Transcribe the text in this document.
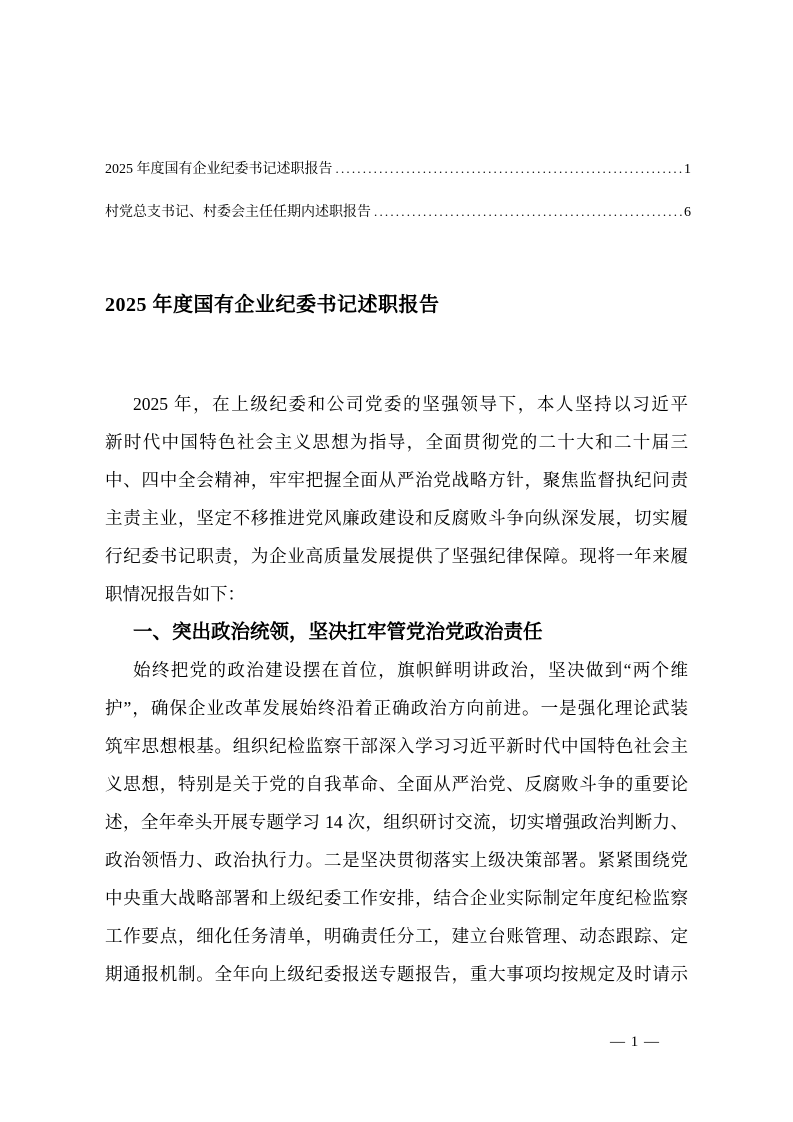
2025 年度国有企业纪委书记述职报告 .....	1
村党总支书记、村委会主任任期内述职报告 .....	6
2025 年度国有企业纪委书记述职报告
2025 年，在上级纪委和公司党委的坚强领导下，本人坚持以习近平
新时代中国特色社会主义思想为指导，全面贯彻党的二十大和二十届三
中、四中全会精神，牢牢把握全面从严治党战略方针，聚焦监督执纪问责
主责主业，坚定不移推进党风廉政建设和反腐败斗争向纵深发展，切实履
行纪委书记职责，为企业高质量发展提供了坚强纪律保障。现将一年来履
职情况报告如下：
一、突出政治统领，坚决扛牢管党治党政治责任
始终把党的政治建设摆在首位，旗帜鲜明讲政治，坚决做到“两个维
护”，确保企业改革发展始终沿着正确政治方向前进。一是强化理论武装
筑牢思想根基。组织纪检监察干部深入学习习近平新时代中国特色社会主
义思想，特别是关于党的自我革命、全面从严治党、反腐败斗争的重要论
述，全年牵头开展专题学习 14 次，组织研讨交流，切实增强政治判断力、
政治领悟力、政治执行力。二是坚决贯彻落实上级决策部署。紧紧围绕党
中央重大战略部署和上级纪委工作安排，结合企业实际制定年度纪检监察
工作要点，细化任务清单，明确责任分工，建立台账管理、动态跟踪、定
期通报机制。全年向上级纪委报送专题报告，重大事项均按规定及时请示
— 1 —
